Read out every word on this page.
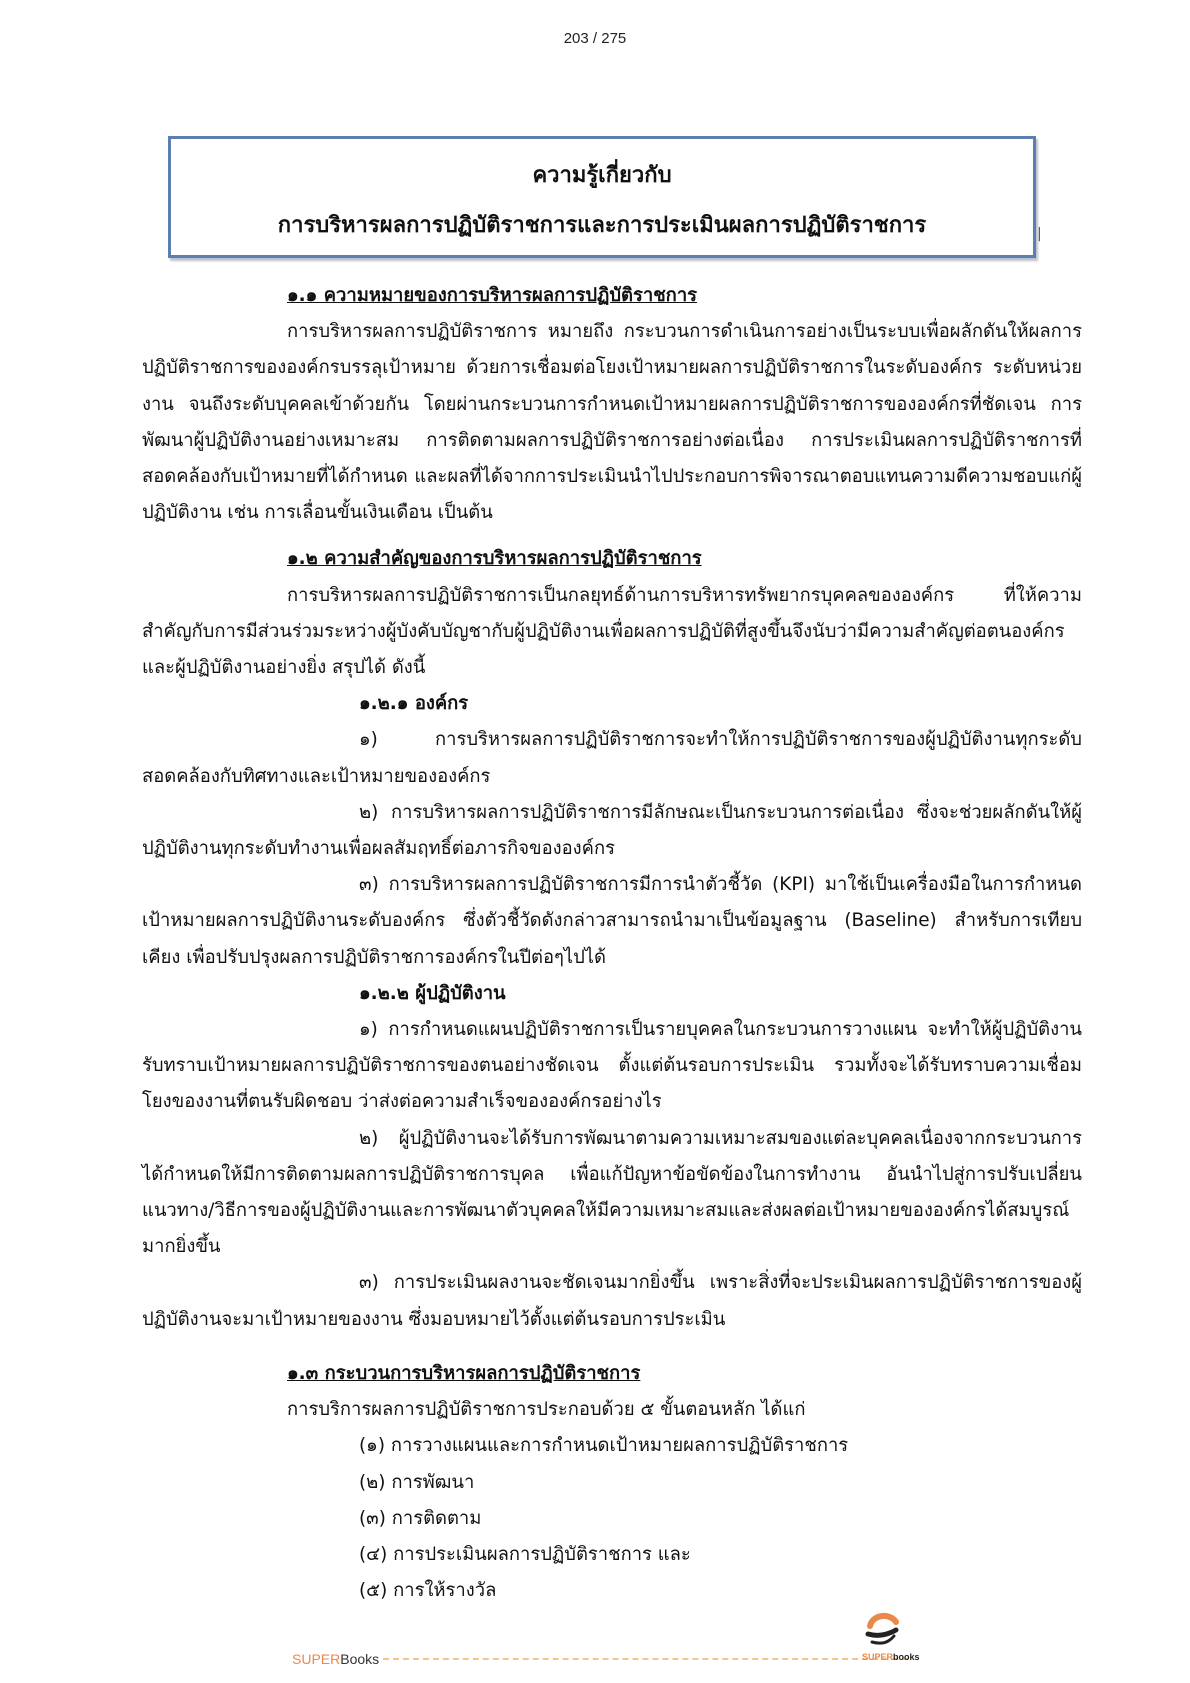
203 / 275
ความรู้เกี่ยวกับ
การบริหารผลการปฏิบัติราชการและการประเมินผลการปฏิบัติราชการ	|

๑.๑ ความหมายของการบริหารผลการปฏิบัติราชการ

การบริหารผลการปฏิบัติราชการ หมายถึง กระบวนการดำเนินการอย่างเป็นระบบเพื่อผลักดันให้ผลการปฏิบัติราชการขององค์กรบรรลุเป้าหมาย ด้วยการเชื่อมต่อโยงเป้าหมายผลการปฏิบัติราชการในระดับองค์กร ระดับหน่วยงาน จนถึงระดับบุคคลเข้าด้วยกัน โดยผ่านกระบวนการกำหนดเป้าหมายผลการปฏิบัติราชการขององค์กรที่ชัดเจน การพัฒนาผู้ปฏิบัติงานอย่างเหมาะสม การติดตามผลการปฏิบัติราชการอย่างต่อเนื่อง การประเมินผลการปฏิบัติราชการที่สอดคล้องกับเป้าหมายที่ได้กำหนด และผลที่ได้จากการประเมินนำไปประกอบการพิจารณาตอบแทนความดีความชอบแก่ผู้ปฏิบัติงาน เช่น การเลื่อนขั้นเงินเดือน เป็นต้น

๑.๒ ความสำคัญของการบริหารผลการปฏิบัติราชการ

การบริหารผลการปฏิบัติราชการเป็นกลยุทธ์ด้านการบริหารทรัพยากรบุคคลขององค์กร ที่ให้ความสำคัญกับการมีส่วนร่วมระหว่างผู้บังคับบัญชากับผู้ปฏิบัติงานเพื่อผลการปฏิบัติที่สูงขึ้นจึงนับว่ามีความสำคัญต่อตนองค์กรและผู้ปฏิบัติงานอย่างยิ่ง สรุปได้ ดังนี้

๑.๒.๑ องค์กร

๑) การบริหารผลการปฏิบัติราชการจะทำให้การปฏิบัติราชการของผู้ปฏิบัติงานทุกระดับสอดคล้องกับทิศทางและเป้าหมายขององค์กร

๒) การบริหารผลการปฏิบัติราชการมีลักษณะเป็นกระบวนการต่อเนื่อง ซึ่งจะช่วยผลักดันให้ผู้ปฏิบัติงานทุกระดับทำงานเพื่อผลสัมฤทธิ์ต่อภารกิจขององค์กร

๓) การบริหารผลการปฏิบัติราชการมีการนำตัวชี้วัด (KPI) มาใช้เป็นเครื่องมือในการกำหนดเป้าหมายผลการปฏิบัติงานระดับองค์กร ซึ่งตัวชี้วัดดังกล่าวสามารถนำมาเป็นข้อมูลฐาน (Baseline) สำหรับการเทียบเคียง เพื่อปรับปรุงผลการปฏิบัติราชการองค์กรในปีต่อๆไปได้

๑.๒.๒ ผู้ปฏิบัติงาน

๑) การกำหนดแผนปฏิบัติราชการเป็นรายบุคคลในกระบวนการวางแผน จะทำให้ผู้ปฏิบัติงานรับทราบเป้าหมายผลการปฏิบัติราชการของตนอย่างชัดเจน ตั้งแต่ต้นรอบการประเมิน รวมทั้งจะได้รับทราบความเชื่อมโยงของงานที่ตนรับผิดชอบ ว่าส่งต่อความสำเร็จขององค์กรอย่างไร

๒) ผู้ปฏิบัติงานจะได้รับการพัฒนาตามความเหมาะสมของแต่ละบุคคลเนื่องจากกระบวนการได้กำหนดให้มีการติดตามผลการปฏิบัติราชการบุคล เพื่อแก้ปัญหาข้อขัดข้องในการทำงาน อันนำไปสู่การปรับเปลี่ยนแนวทาง/วิธีการของผู้ปฏิบัติงานและการพัฒนาตัวบุคคลให้มีความเหมาะสมและส่งผลต่อเป้าหมายขององค์กรได้สมบูรณ์มากยิ่งขึ้น

๓) การประเมินผลงานจะชัดเจนมากยิ่งขึ้น เพราะสิ่งที่จะประเมินผลการปฏิบัติราชการของผู้ปฏิบัติงานจะมาเป้าหมายของงาน ซึ่งมอบหมายไว้ตั้งแต่ต้นรอบการประเมิน

๑.๓ กระบวนการบริหารผลการปฏิบัติราชการ

การบริการผลการปฏิบัติราชการประกอบด้วย ๕ ขั้นตอนหลัก ได้แก่

(๑) การวางแผนและการกำหนดเป้าหมายผลการปฏิบัติราชการ

(๒) การพัฒนา

(๓) การติดตาม

(๔) การประเมินผลการปฏิบัติราชการ และ

(๕) การให้รางวัล

SUPERBooks	SUPERbooks
